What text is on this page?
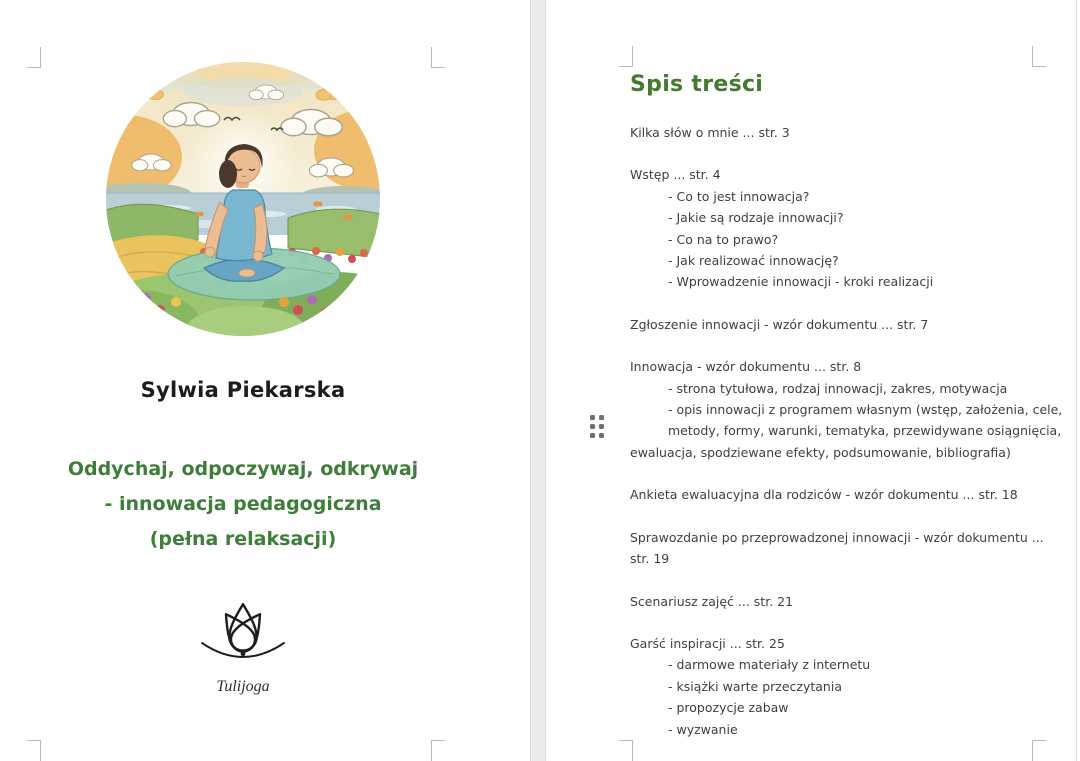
Sylwia Piekarska
Oddychaj, odpoczywaj, odkrywaj
- innowacja pedagogiczna
(pełna relaksacji)
Tulijoga
Spis treści
Kilka słów o mnie ... str. 3
Wstęp ... str. 4
- Co to jest innowacja?
- Jakie są rodzaje innowacji?
- Co na to prawo?
- Jak realizować innowację?
- Wprowadzenie innowacji - kroki realizacji
Zgłoszenie innowacji - wzór dokumentu ... str. 7
Innowacja - wzór dokumentu ... str. 8
- strona tytułowa, rodzaj innowacji, zakres, motywacja
- opis innowacji z programem własnym (wstęp, założenia, cele,
metody, formy, warunki, tematyka, przewidywane osiągnięcia,
ewaluacja, spodziewane efekty, podsumowanie, bibliografia)
Ankieta ewaluacyjna dla rodziców - wzór dokumentu ... str. 18
Sprawozdanie po przeprowadzonej innowacji - wzór dokumentu ...
str. 19
Scenariusz zajęć ... str. 21
Garść inspiracji ... str. 25
- darmowe materiały z internetu
- książki warte przeczytania
- propozycje zabaw
- wyzwanie
